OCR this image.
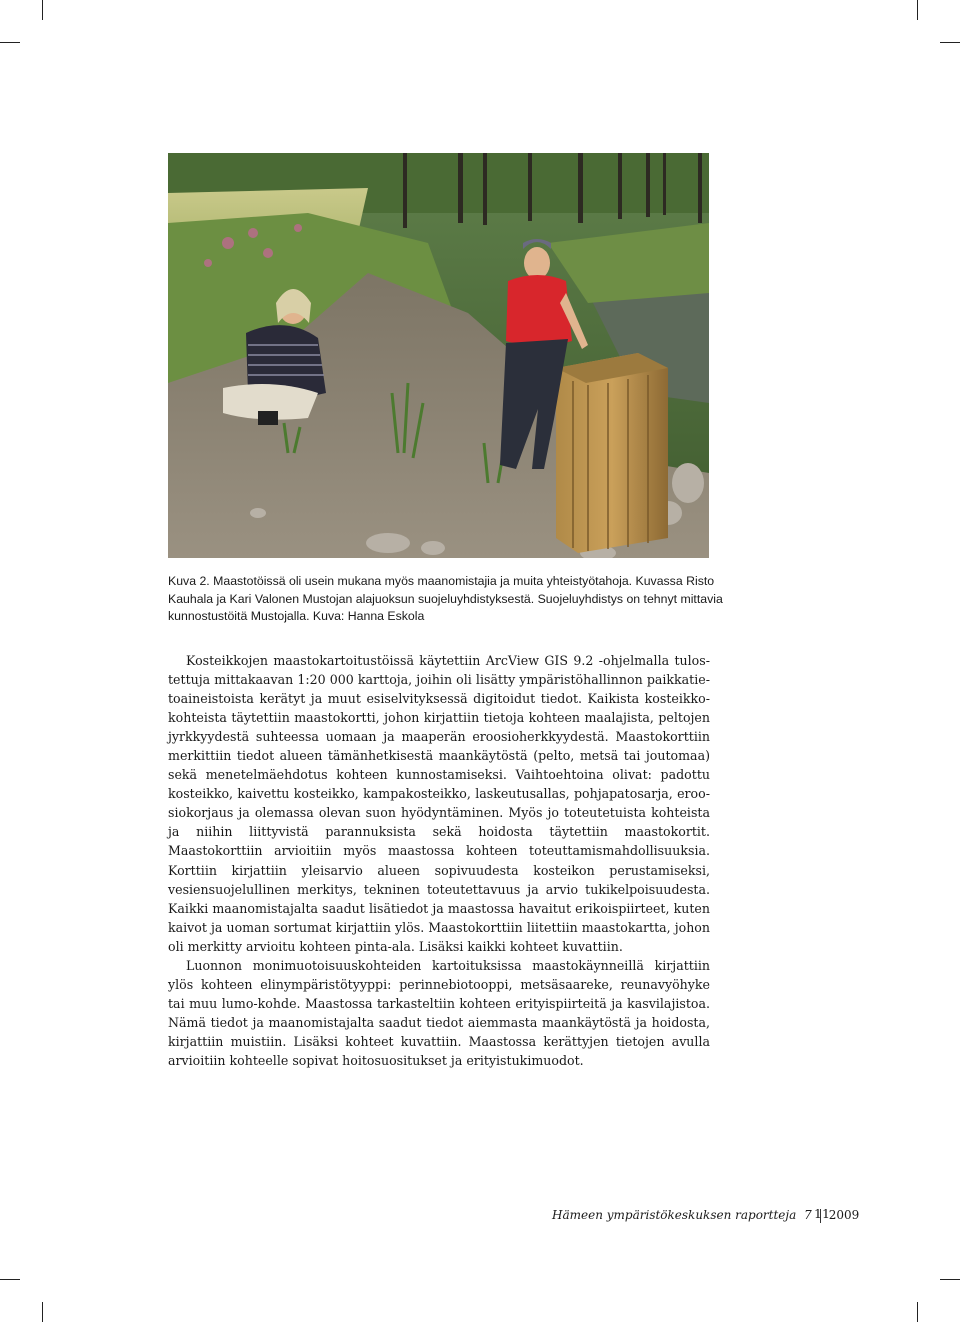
Kuva 2. Maastotöissä oli usein mukana myös maanomistajia ja muita yhteistyötahoja. Kuvassa Risto Kauhala ja Kari Valonen Mustojan alajuoksun suojeluyhdistyksestä. Suojeluyhdistys on tehnyt mittavia kunnostustöitä Mustojalla. Kuva: Hanna Eskola

Kosteikkojen maastokartoitustöissä käytettiin ArcView GIS 9.2 -ohjelmalla tulostettuja mittakaavan 1:20 000 karttoja, joihin oli lisätty ympäristöhallinnon paikkatietoaineistoista kerätyt ja muut esiselvityksessä digitoidut tiedot. Kaikista kosteikkokohteista täytettiin maastokortti, johon kirjattiin tietoja kohteen maalajista, peltojen jyrkkyydestä suhteessa uomaan ja maaperän eroosioherkkyydestä. Maastokorttiin merkittiin tiedot alueen tämänhetkisestä maankäytöstä (pelto, metsä tai joutomaa) sekä menetelmäehdotus kohteen kunnostamiseksi. Vaihtoehtoina olivat: padottu kosteikko, kaivettu kosteikko, kampakosteikko, laskeutusallas, pohjapatosarja, eroosiokorjaus ja olemassa olevan suon hyödyntäminen. Myös jo toteutetuista kohteista ja niihin liittyvistä parannuksista sekä hoidosta täytettiin maastokortit. Maastokorttiin arvioitiin myös maastossa kohteen toteuttamismahdollisuuksia. Korttiin kirjattiin yleisarvio alueen sopivuudesta kosteikon perustamiseksi, vesiensuojelullinen merkitys, tekninen toteutettavuus ja arvio tukikelpoisuudesta. Kaikki maanomistajalta saadut lisätiedot ja maastossa havaitut erikoispiirteet, kuten kaivot ja uoman sortumat kirjattiin ylös. Maastokorttiin liitettiin maastokartta, johon oli merkitty arvioitu kohteen pinta-ala. Lisäksi kaikki kohteet kuvattiin.

Luonnon monimuotoisuuskohteiden kartoituksissa maastokäynneillä kirjattiin ylös kohteen elinympäristötyyppi: perinnebiotooppi, metsäsaareke, reunavyöhyke tai muu lumo-kohde. Maastossa tarkasteltiin kohteen erityispiirteitä ja kasvilajistoa. Nämä tiedot ja maanomistajalta saadut tiedot aiemmasta maankäytöstä ja hoidosta, kirjattiin muistiin. Lisäksi kohteet kuvattiin. Maastossa kerättyjen tietojen avulla arvioitiin kohteelle sopivat hoitosuositukset ja erityistukimuodot.

Hämeen ympäristökeskuksen raportteja 7 2009
11
